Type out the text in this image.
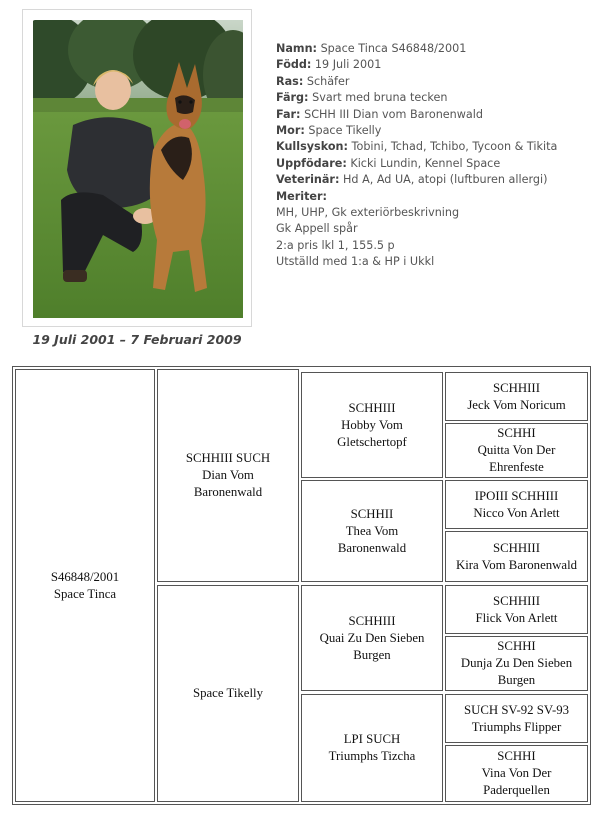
19 Juli 2001 – 7 Februari 2009
Namn: Space Tinca S46848/2001
Född: 19 Juli 2001
Ras: Schäfer
Färg: Svart med bruna tecken
Far: SCHH III Dian vom Baronenwald
Mor: Space Tikelly
Kullsyskon: Tobini, Tchad, Tchibo, Tycoon & Tikita
Uppfödare: Kicki Lundin, Kennel Space
Veterinär: Hd A, Ad UA, atopi (luftburen allergi)
Meriter:
MH, UHP, Gk exteriörbeskrivning
Gk Appell spår
2:a pris lkl 1, 155.5 p
Utställd med 1:a & HP i Ukkl
S46848/2001
Space Tinca
SCHHIII SUCH
Dian Vom
Baronenwald
Space Tikelly
SCHHIII
Hobby Vom
Gletschertopf
SCHHII
Thea Vom
Baronenwald
SCHHIII
Quai Zu Den Sieben
Burgen
LPI SUCH
Triumphs Tizcha
SCHHIII
Jeck Vom Noricum
SCHHI
Quitta Von Der
Ehrenfeste
IPOIII SCHHIII
Nicco Von Arlett
SCHHIII
Kira Vom Baronenwald
SCHHIII
Flick Von Arlett
SCHHI
Dunja Zu Den Sieben
Burgen
SUCH SV-92 SV-93
Triumphs Flipper
SCHHI
Vina Von Der
Paderquellen
